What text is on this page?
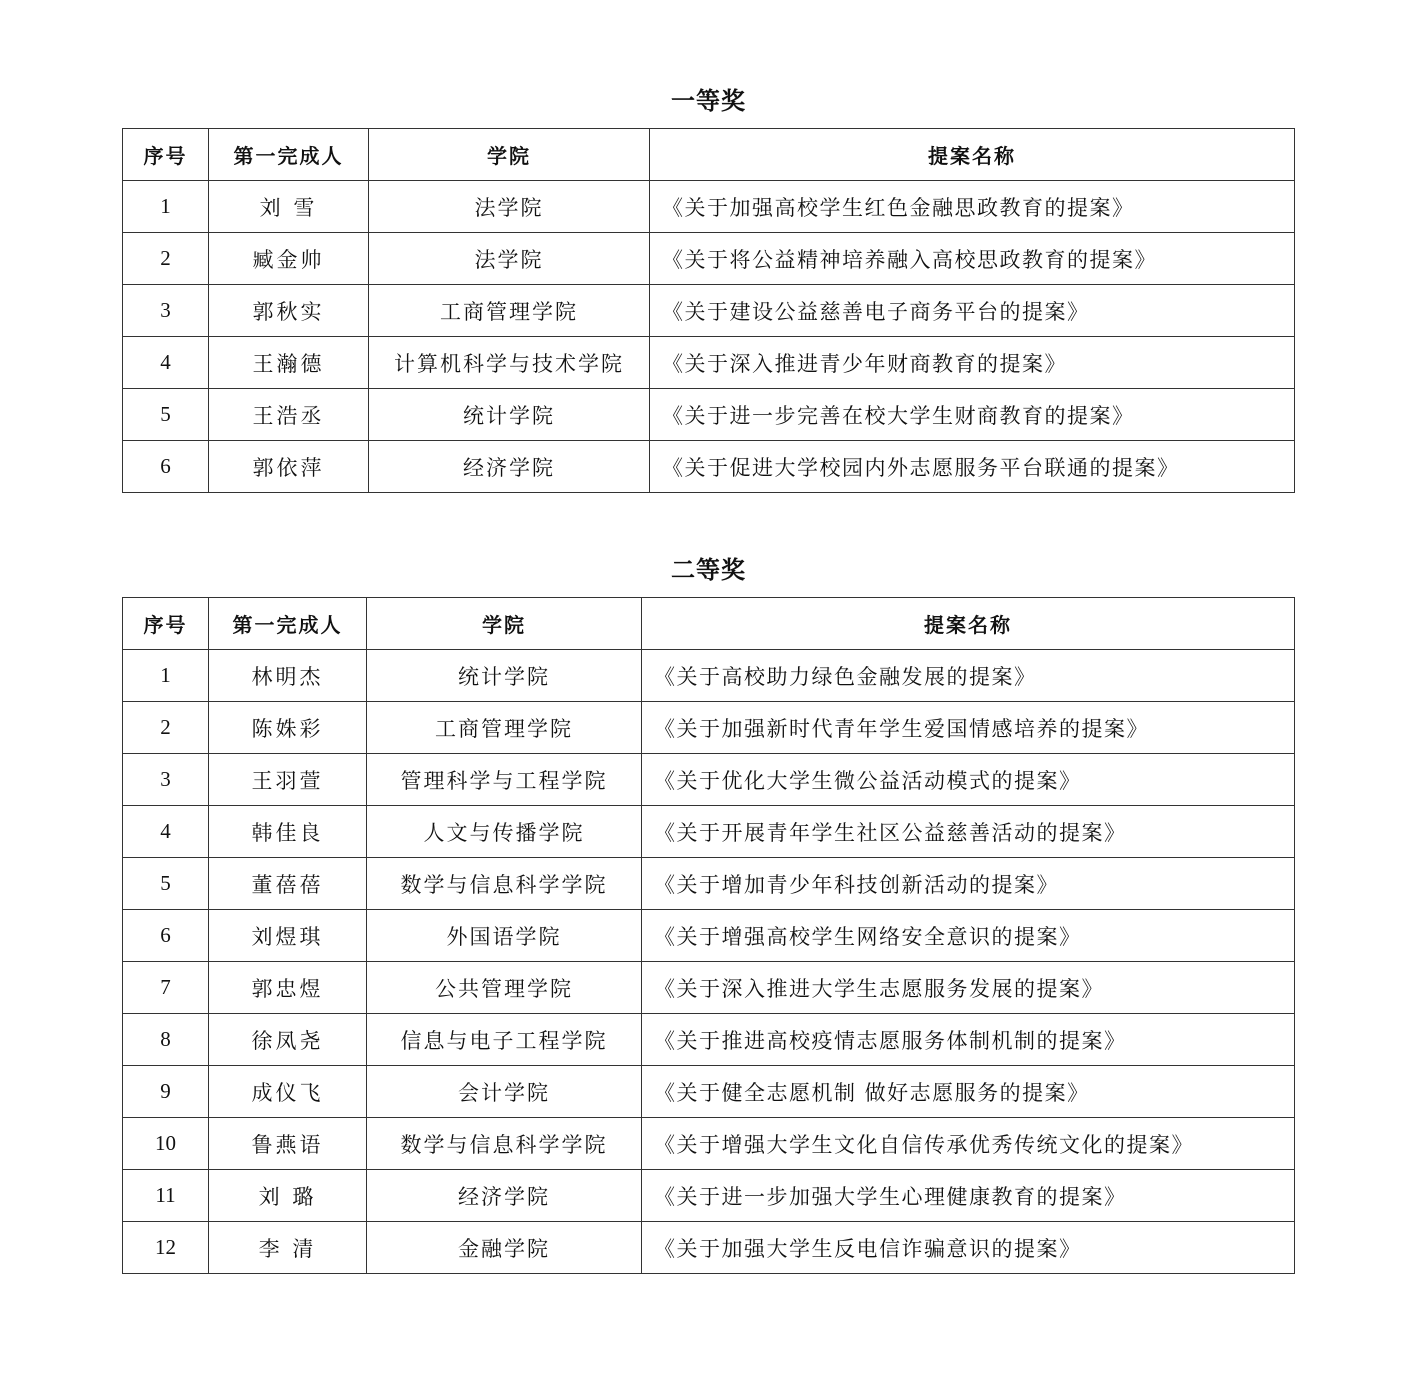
一等奖
序号	第一完成人	学院	提案名称
1	刘 雪	法学院	《关于加强高校学生红色金融思政教育的提案》
2	臧金帅	法学院	《关于将公益精神培养融入高校思政教育的提案》
3	郭秋实	工商管理学院	《关于建设公益慈善电子商务平台的提案》
4	王瀚德	计算机科学与技术学院	《关于深入推进青少年财商教育的提案》
5	王浩丞	统计学院	《关于进一步完善在校大学生财商教育的提案》
6	郭依萍	经济学院	《关于促进大学校园内外志愿服务平台联通的提案》
二等奖
序号	第一完成人	学院	提案名称
1	林明杰	统计学院	《关于高校助力绿色金融发展的提案》
2	陈姝彩	工商管理学院	《关于加强新时代青年学生爱国情感培养的提案》
3	王羽萱	管理科学与工程学院	《关于优化大学生微公益活动模式的提案》
4	韩佳良	人文与传播学院	《关于开展青年学生社区公益慈善活动的提案》
5	董蓓蓓	数学与信息科学学院	《关于增加青少年科技创新活动的提案》
6	刘煜琪	外国语学院	《关于增强高校学生网络安全意识的提案》
7	郭忠煜	公共管理学院	《关于深入推进大学生志愿服务发展的提案》
8	徐凤尧	信息与电子工程学院	《关于推进高校疫情志愿服务体制机制的提案》
9	成仪飞	会计学院	《关于健全志愿机制 做好志愿服务的提案》
10	鲁燕语	数学与信息科学学院	《关于增强大学生文化自信传承优秀传统文化的提案》
11	刘 璐	经济学院	《关于进一步加强大学生心理健康教育的提案》
12	李 清	金融学院	《关于加强大学生反电信诈骗意识的提案》
